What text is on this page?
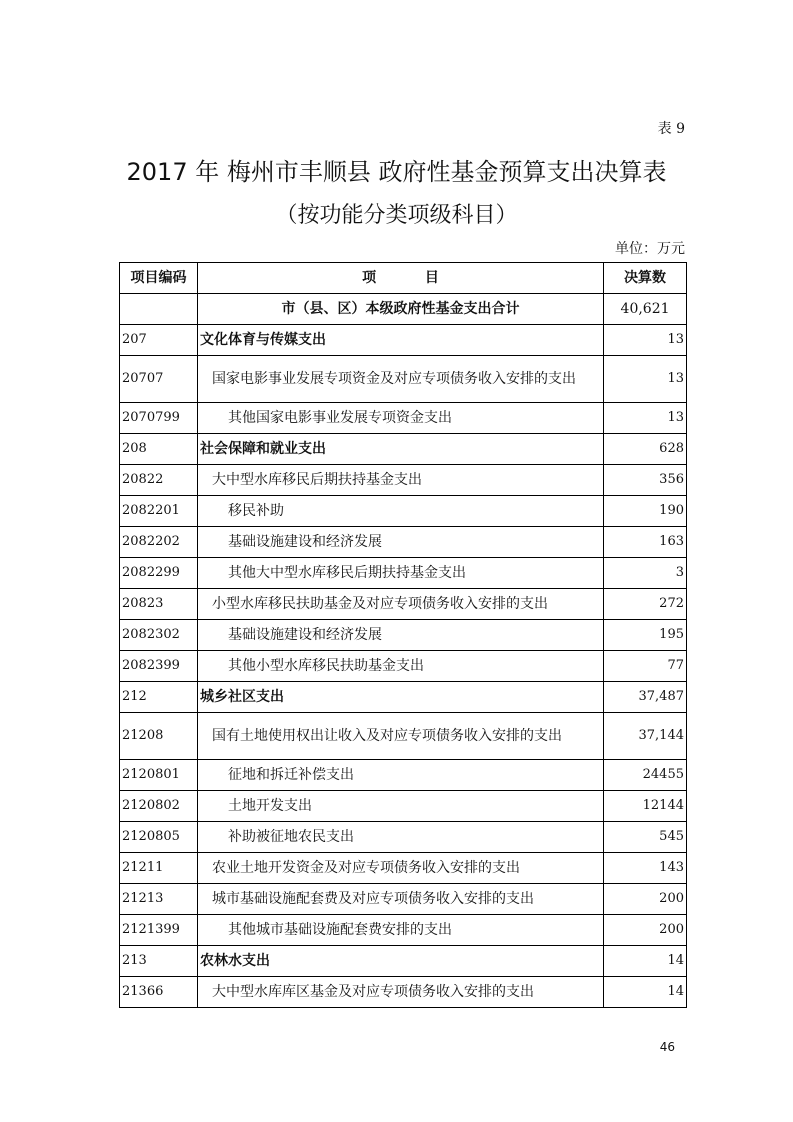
表 9
2017 年 梅州市丰顺县 政府性基金预算支出决算表
（按功能分类项级科目）
单位：万元
项目编码	项          目	决算数
	市（县、区）本级政府性基金支出合计	40,621
207	文化体育与传媒支出	13
20707	国家电影事业发展专项资金及对应专项债务收入安排的支出	13
2070799	其他国家电影事业发展专项资金支出	13
208	社会保障和就业支出	628
20822	大中型水库移民后期扶持基金支出	356
2082201	移民补助	190
2082202	基础设施建设和经济发展	163
2082299	其他大中型水库移民后期扶持基金支出	3
20823	小型水库移民扶助基金及对应专项债务收入安排的支出	272
2082302	基础设施建设和经济发展	195
2082399	其他小型水库移民扶助基金支出	77
212	城乡社区支出	37,487
21208	国有土地使用权出让收入及对应专项债务收入安排的支出	37,144
2120801	征地和拆迁补偿支出	24455
2120802	土地开发支出	12144
2120805	补助被征地农民支出	545
21211	农业土地开发资金及对应专项债务收入安排的支出	143
21213	城市基础设施配套费及对应专项债务收入安排的支出	200
2121399	其他城市基础设施配套费安排的支出	200
213	农林水支出	14
21366	大中型水库库区基金及对应专项债务收入安排的支出	14
46
